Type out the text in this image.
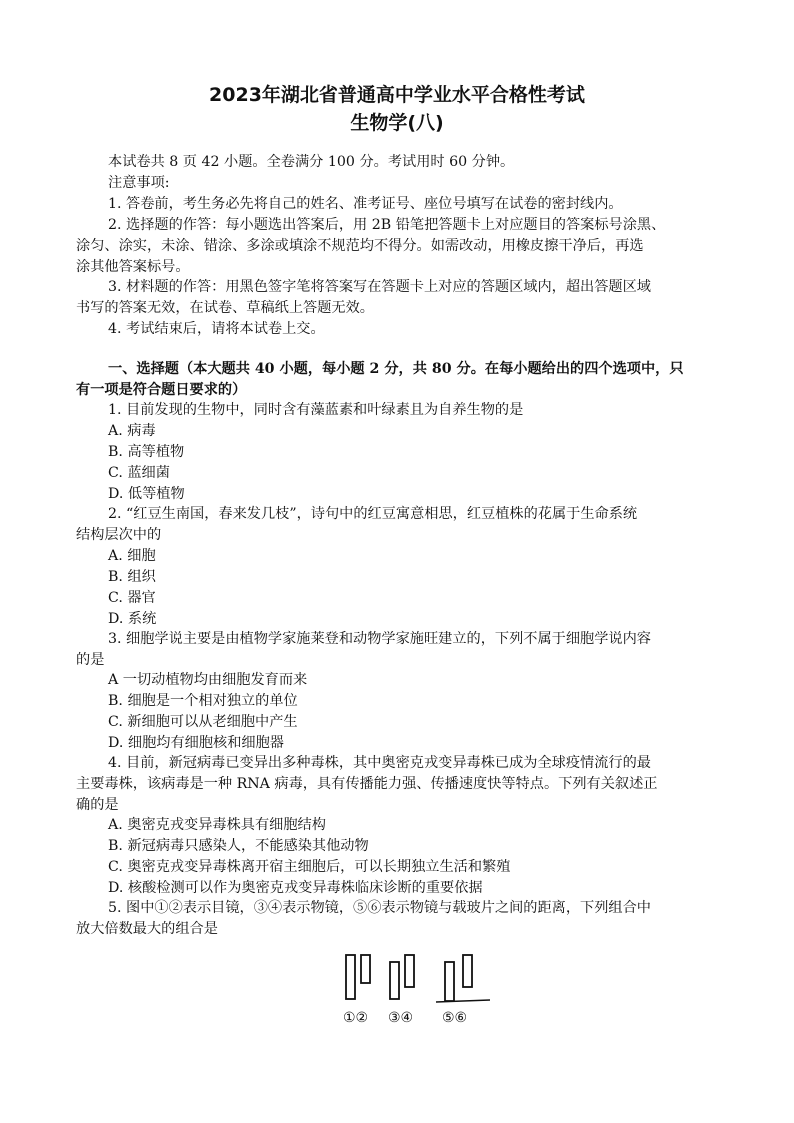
2023年湖北省普通高中学业水平合格性考试
生物学(八)
本试卷共 8 页 42 小题。全卷满分 100 分。考试用时 60 分钟。
注意事项:
1. 答卷前，考生务必先将自己的姓名、准考证号、座位号填写在试卷的密封线内。
2. 选择题的作答：每小题选出答案后，用 2B 铅笔把答题卡上对应题目的答案标号涂黑、
涂匀、涂实，未涂、错涂、多涂或填涂不规范均不得分。如需改动，用橡皮擦干净后，再选
涂其他答案标号。
3. 材料题的作答：用黑色签字笔将答案写在答题卡上对应的答题区域内，超出答题区域
书写的答案无效，在试卷、草稿纸上答题无效。
4. 考试结束后，请将本试卷上交。
一、选择题（本大题共 40 小题，每小题 2 分，共 80 分。在每小题给出的四个选项中，只
有一项是符合题日要求的）
1. 目前发现的生物中，同时含有藻蓝素和叶绿素且为自养生物的是
A. 病毒
B. 高等植物
C. 蓝细菌
D. 低等植物
2. “红豆生南国，春来发几枝”，诗句中的红豆寓意相思，红豆植株的花属于生命系统
结构层次中的
A. 细胞
B. 组织
C. 器官
D. 系统
3. 细胞学说主要是由植物学家施莱登和动物学家施旺建立的，下列不属于细胞学说内容
的是
A 一切动植物均由细胞发育而来
B. 细胞是一个相对独立的单位
C. 新细胞可以从老细胞中产生
D. 细胞均有细胞核和细胞器
4. 目前，新冠病毒已变异出多种毒株，其中奥密克戎变异毒株已成为全球疫情流行的最
主要毒株，该病毒是一种 RNA 病毒，具有传播能力强、传播速度快等特点。下列有关叙述正
确的是
A. 奥密克戎变异毒株具有细胞结构
B. 新冠病毒只感染人，不能感染其他动物
C. 奥密克戎变异毒株离开宿主细胞后，可以长期独立生活和繁殖
D. 核酸检测可以作为奥密克戎变异毒株临床诊断的重要依据
5. 图中①②表示目镜，③④表示物镜，⑤⑥表示物镜与载玻片之间的距离，下列组合中
放大倍数最大的组合是
①② ③④ ⑤⑥
